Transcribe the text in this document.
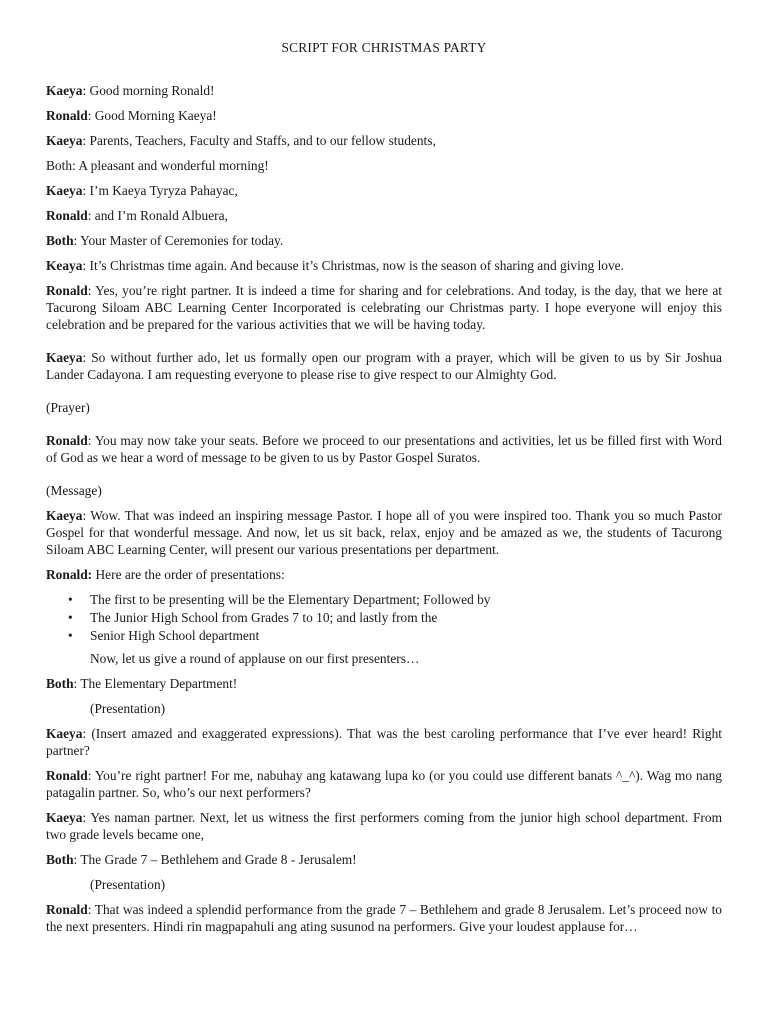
SCRIPT FOR CHRISTMAS PARTY

Kaeya: Good morning Ronald!

Ronald: Good Morning Kaeya!

Kaeya: Parents, Teachers, Faculty and Staffs, and to our fellow students,

Both: A pleasant and wonderful morning!

Kaeya: I’m Kaeya Tyryza Pahayac,

Ronald: and I’m Ronald Albuera,

Both: Your Master of Ceremonies for today.

Keaya: It’s Christmas time again. And because it’s Christmas, now is the season of sharing and giving love.

Ronald: Yes, you’re right partner. It is indeed a time for sharing and for celebrations. And today, is the day, that we here at Tacurong Siloam ABC Learning Center Incorporated is celebrating our Christmas party. I hope everyone will enjoy this celebration and be prepared for the various activities that we will be having today.

Kaeya: So without further ado, let us formally open our program with a prayer, which will be given to us by Sir Joshua Lander Cadayona. I am requesting everyone to please rise to give respect to our Almighty God.

(Prayer)

Ronald: You may now take your seats. Before we proceed to our presentations and activities, let us be filled first with Word of God as we hear a word of message to be given to us by Pastor Gospel Suratos.

(Message)

Kaeya: Wow. That was indeed an inspiring message Pastor. I hope all of you were inspired too. Thank you so much Pastor Gospel for that wonderful message. And now, let us sit back, relax, enjoy and be amazed as we, the students of Tacurong Siloam ABC Learning Center, will present our various presentations per department.

Ronald: Here are the order of presentations:

• The first to be presenting will be the Elementary Department; Followed by
• The Junior High School from Grades 7 to 10; and lastly from the
• Senior High School department

Now, let us give a round of applause on our first presenters…

Both: The Elementary Department!

(Presentation)

Kaeya: (Insert amazed and exaggerated expressions). That was the best caroling performance that I’ve ever heard! Right partner?

Ronald: You’re right partner! For me, nabuhay ang katawang lupa ko (or you could use different banats ^_^). Wag mo nang patagalin partner. So, who’s our next performers?

Kaeya: Yes naman partner. Next, let us witness the first performers coming from the junior high school department. From two grade levels became one,

Both: The Grade 7 – Bethlehem and Grade 8 - Jerusalem!

(Presentation)

Ronald: That was indeed a splendid performance from the grade 7 – Bethlehem and grade 8 Jerusalem. Let’s proceed now to the next presenters. Hindi rin magpapahuli ang ating susunod na performers. Give your loudest applause for…
